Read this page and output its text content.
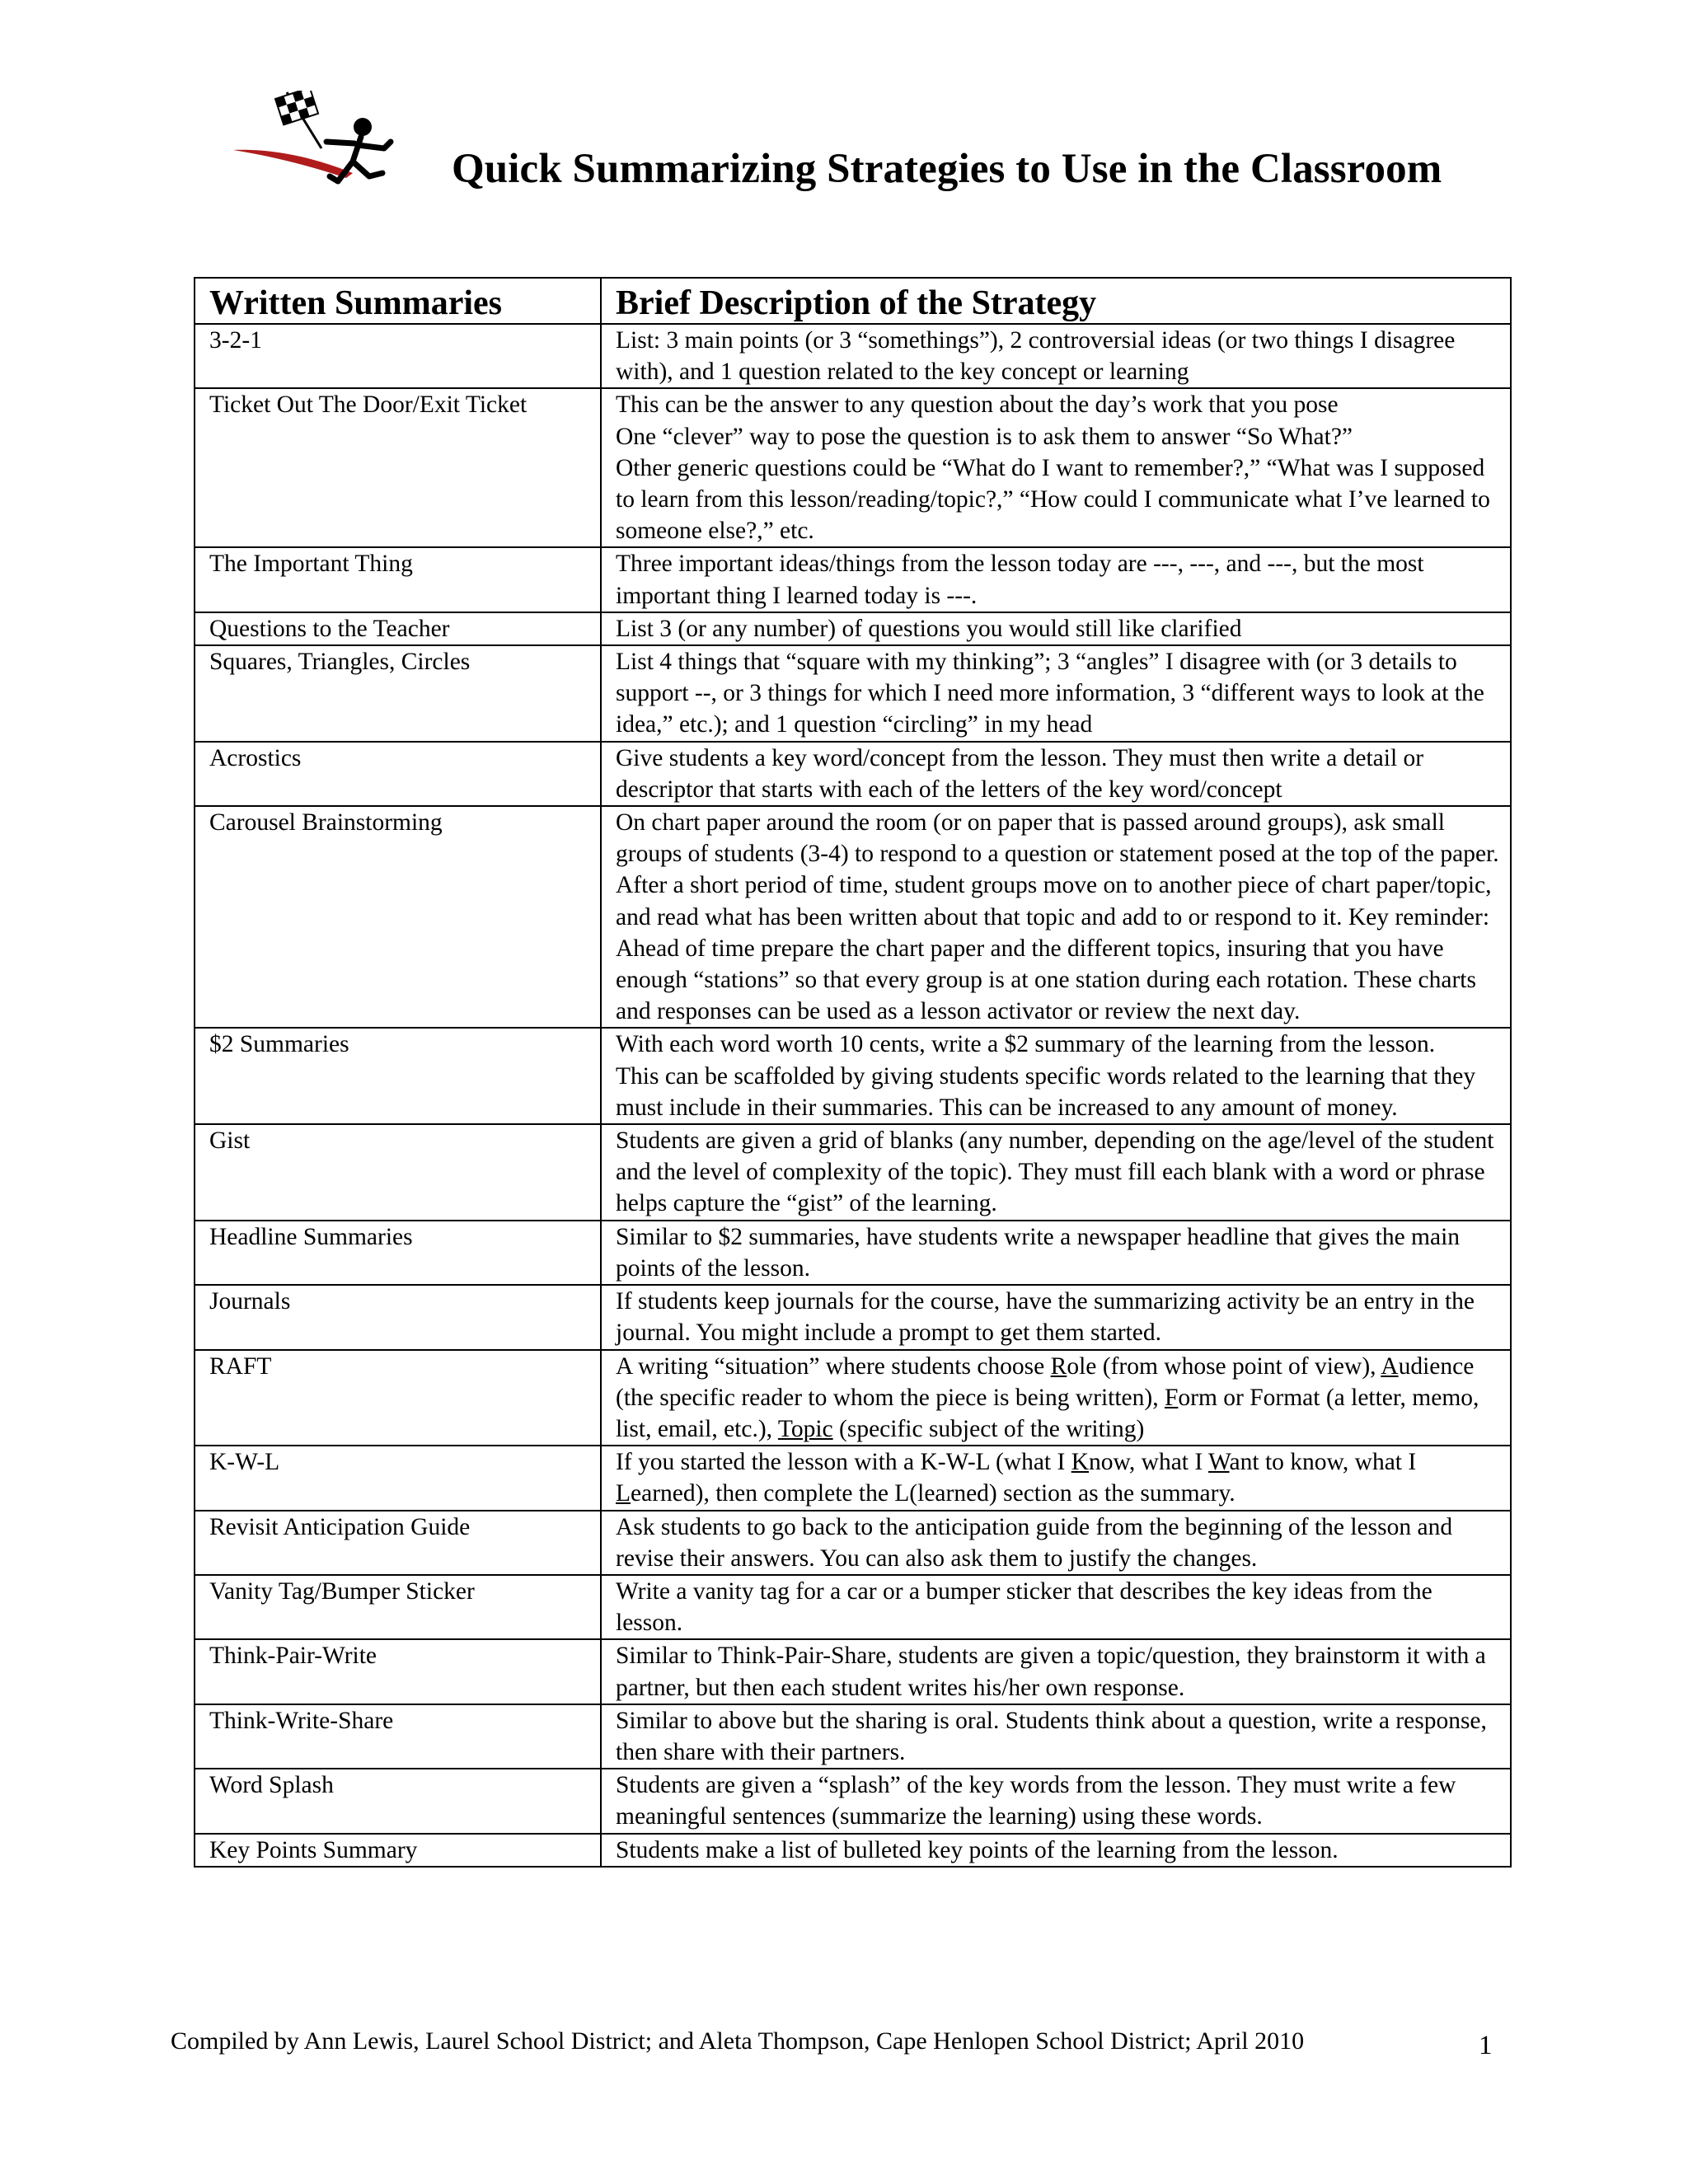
Quick Summarizing Strategies to Use in the Classroom
Written Summaries	Brief Description of the Strategy
3-2-1	List: 3 main points (or 3 “somethings”), 2 controversial ideas (or two things I disagree with), and 1 question related to the key concept or learning
Ticket Out The Door/Exit Ticket	This can be the answer to any question about the day’s work that you pose
One “clever” way to pose the question is to ask them to answer “So What?”
Other generic questions could be “What do I want to remember?,” “What was I supposed to learn from this lesson/reading/topic?,” “How could I communicate what I’ve learned to someone else?,” etc.
The Important Thing	Three important ideas/things from the lesson today are ---, ---, and ---, but the most important thing I learned today is ---.
Questions to the Teacher	List 3 (or any number) of questions you would still like clarified
Squares, Triangles, Circles	List 4 things that “square with my thinking”; 3 “angles” I disagree with (or 3 details to support --, or 3 things for which I need more information, 3 “different ways to look at the idea,” etc.); and 1 question “circling” in my head
Acrostics	Give students a key word/concept from the lesson. They must then write a detail or descriptor that starts with each of the letters of the key word/concept
Carousel Brainstorming	On chart paper around the room (or on paper that is passed around groups), ask small groups of students (3-4) to respond to a question or statement posed at the top of the paper. After a short period of time, student groups move on to another piece of chart paper/topic, and read what has been written about that topic and add to or respond to it. Key reminder: Ahead of time prepare the chart paper and the different topics, insuring that you have enough “stations” so that every group is at one station during each rotation. These charts and responses can be used as a lesson activator or review the next day.
$2 Summaries	With each word worth 10 cents, write a $2 summary of the learning from the lesson.
This can be scaffolded by giving students specific words related to the learning that they must include in their summaries. This can be increased to any amount of money.
Gist	Students are given a grid of blanks (any number, depending on the age/level of the student and the level of complexity of the topic). They must fill each blank with a word or phrase helps capture the “gist” of the learning.
Headline Summaries	Similar to $2 summaries, have students write a newspaper headline that gives the main points of the lesson.
Journals	If students keep journals for the course, have the summarizing activity be an entry in the journal. You might include a prompt to get them started.
RAFT	A writing “situation” where students choose Role (from whose point of view), Audience (the specific reader to whom the piece is being written), Form or Format (a letter, memo, list, email, etc.), Topic (specific subject of the writing)
K-W-L	If you started the lesson with a K-W-L (what I Know, what I Want to know, what I Learned), then complete the L(learned) section as the summary.
Revisit Anticipation Guide	Ask students to go back to the anticipation guide from the beginning of the lesson and revise their answers. You can also ask them to justify the changes.
Vanity Tag/Bumper Sticker	Write a vanity tag for a car or a bumper sticker that describes the key ideas from the lesson.
Think-Pair-Write	Similar to Think-Pair-Share, students are given a topic/question, they brainstorm it with a partner, but then each student writes his/her own response.
Think-Write-Share	Similar to above but the sharing is oral. Students think about a question, write a response, then share with their partners.
Word Splash	Students are given a “splash” of the key words from the lesson. They must write a few meaningful sentences (summarize the learning) using these words.
Key Points Summary	Students make a list of bulleted key points of the learning from the lesson.
Compiled by Ann Lewis, Laurel School District; and Aleta Thompson, Cape Henlopen School District; April 2010	1
